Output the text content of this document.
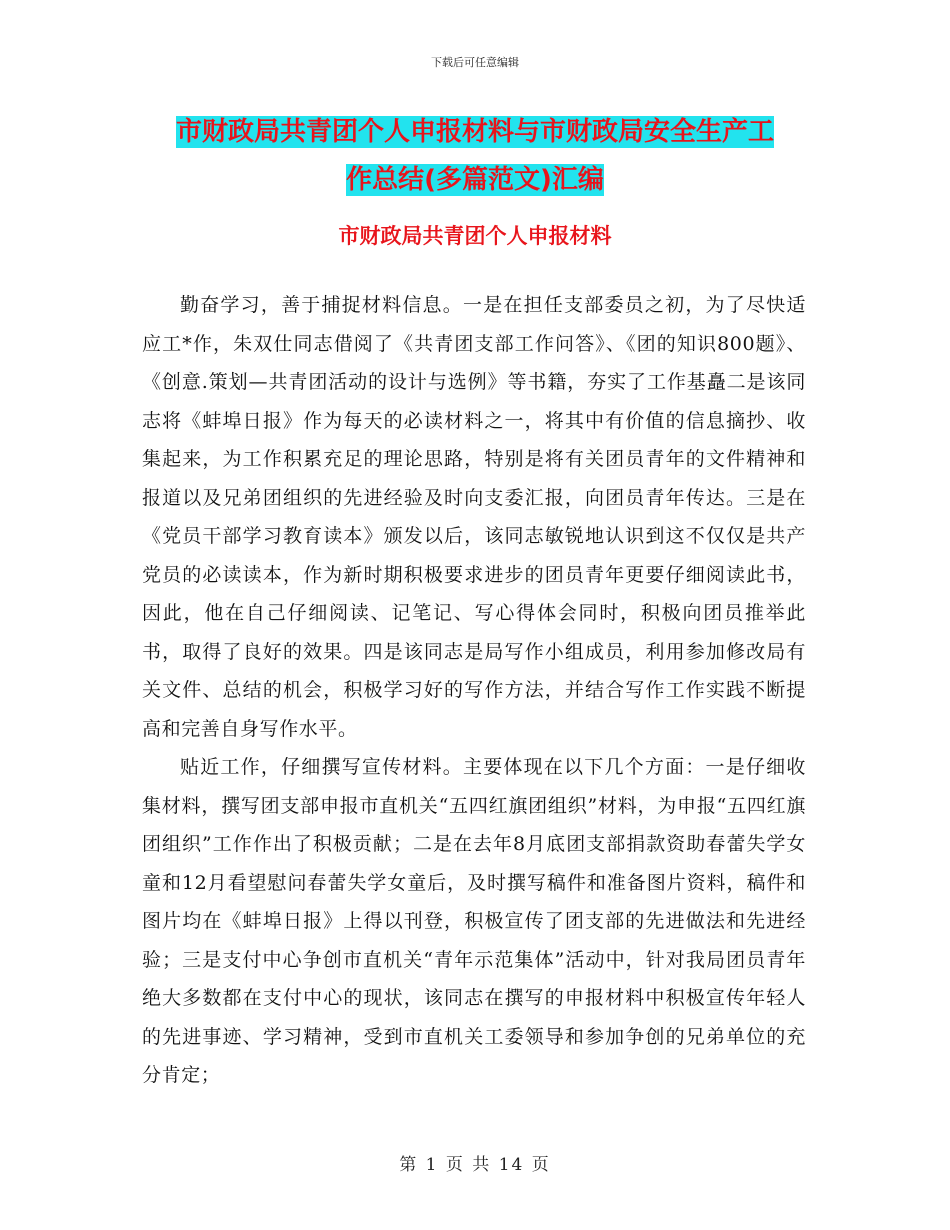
下载后可任意编辑
市财政局共青团个人申报材料与市财政局安全生产工
作总结(多篇范文)汇编
市财政局共青团个人申报材料

勤奋学习，善于捕捉材料信息。一是在担任支部委员之初，为了尽快适应工*作，朱双仕同志借阅了《共青团支部工作问答》、《团的知识800题》、《创意.策划—共青团活动的设计与选例》等书籍，夯实了工作基矗二是该同志将《蚌埠日报》作为每天的必读材料之一，将其中有价值的信息摘抄、收集起来，为工作积累充足的理论思路，特别是将有关团员青年的文件精神和报道以及兄弟团组织的先进经验及时向支委汇报，向团员青年传达。三是在《党员干部学习教育读本》颁发以后，该同志敏锐地认识到这不仅仅是共产党员的必读读本，作为新时期积极要求进步的团员青年更要仔细阅读此书，因此，他在自己仔细阅读、记笔记、写心得体会同时，积极向团员推举此书，取得了良好的效果。四是该同志是局写作小组成员，利用参加修改局有关文件、总结的机会，积极学习好的写作方法，并结合写作工作实践不断提高和完善自身写作水平。

贴近工作，仔细撰写宣传材料。主要体现在以下几个方面：一是仔细收集材料，撰写团支部申报市直机关“五四红旗团组织”材料，为申报“五四红旗团组织”工作作出了积极贡献；二是在去年8月底团支部捐款资助春蕾失学女童和12月看望慰问春蕾失学女童后，及时撰写稿件和准备图片资料，稿件和图片均在《蚌埠日报》上得以刊登，积极宣传了团支部的先进做法和先进经验；三是支付中心争创市直机关“青年示范集体”活动中，针对我局团员青年绝大多数都在支付中心的现状，该同志在撰写的申报材料中积极宣传年轻人的先进事迹、学习精神，受到市直机关工委领导和参加争创的兄弟单位的充分肯定；

第 1 页 共 14 页
